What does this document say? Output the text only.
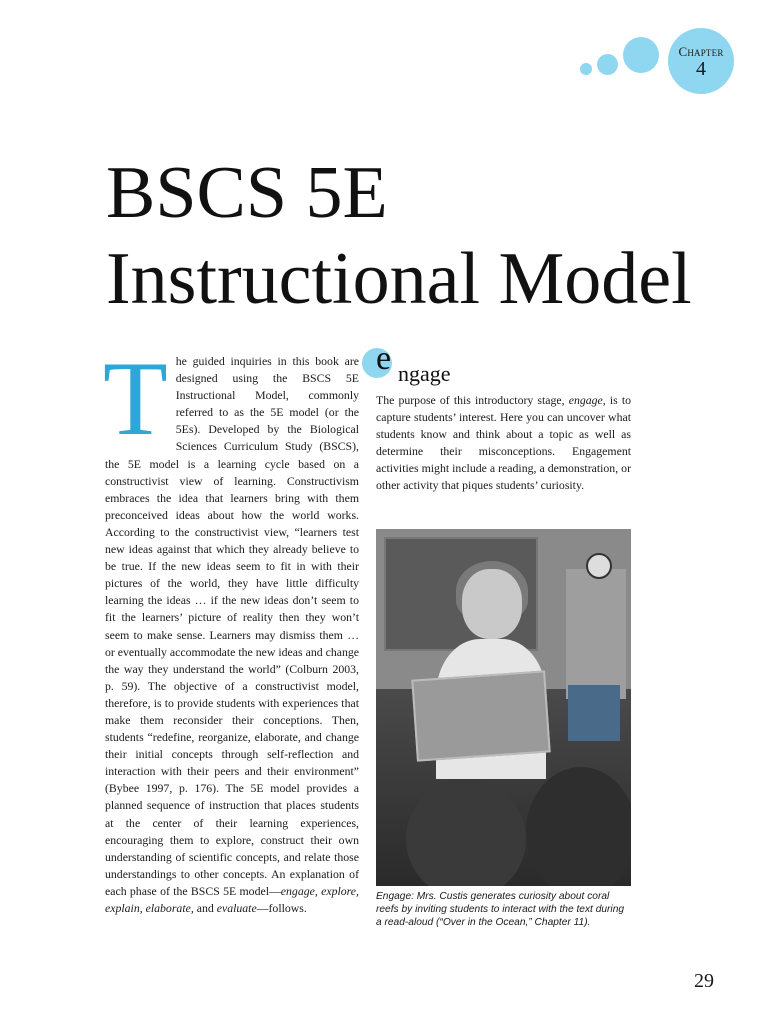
Chapter
4
BSCS 5E
Instructional Model
T he guided inquiries in this book are designed using the BSCS 5E Instructional Model, commonly referred to as the 5E model (or the 5Es). Developed by the Biological Sciences Curriculum Study (BSCS), the 5E model is a learning cycle based on a constructivist view of learning. Constructivism embraces the idea that learners bring with them preconceived ideas about how the world works. According to the constructivist view, “learners test new ideas against that which they already believe to be true. If the new ideas seem to fit in with their pictures of the world, they have little difficulty learning the ideas … if the new ideas don’t seem to fit the learners’ picture of reality then they won’t seem to make sense. Learners may dismiss them … or eventually accommodate the new ideas and change the way they understand the world” (Colburn 2003, p. 59). The objective of a constructivist model, therefore, is to provide students with experiences that make them reconsider their conceptions. Then, students “redefine, reorganize, elaborate, and change their initial concepts through self-reflection and interaction with their peers and their environment” (Bybee 1997, p. 176). The 5E model provides a planned sequence of instruction that places students at the center of their learning experiences, encouraging them to explore, construct their own understanding of scientific concepts, and relate those understandings to other concepts. An explanation of each phase of the BSCS 5E model—engage, explore, explain, elaborate, and evaluate—follows.

e ngage

The purpose of this introductory stage, engage, is to capture students’ interest. Here you can uncover what students know and think about a topic as well as determine their misconceptions. Engagement activities might include a reading, a demonstration, or other activity that piques students’ curiosity.

Engage: Mrs. Custis generates curiosity about coral reefs by inviting students to interact with the text during a read-aloud (“Over in the Ocean,” Chapter 11).

29
